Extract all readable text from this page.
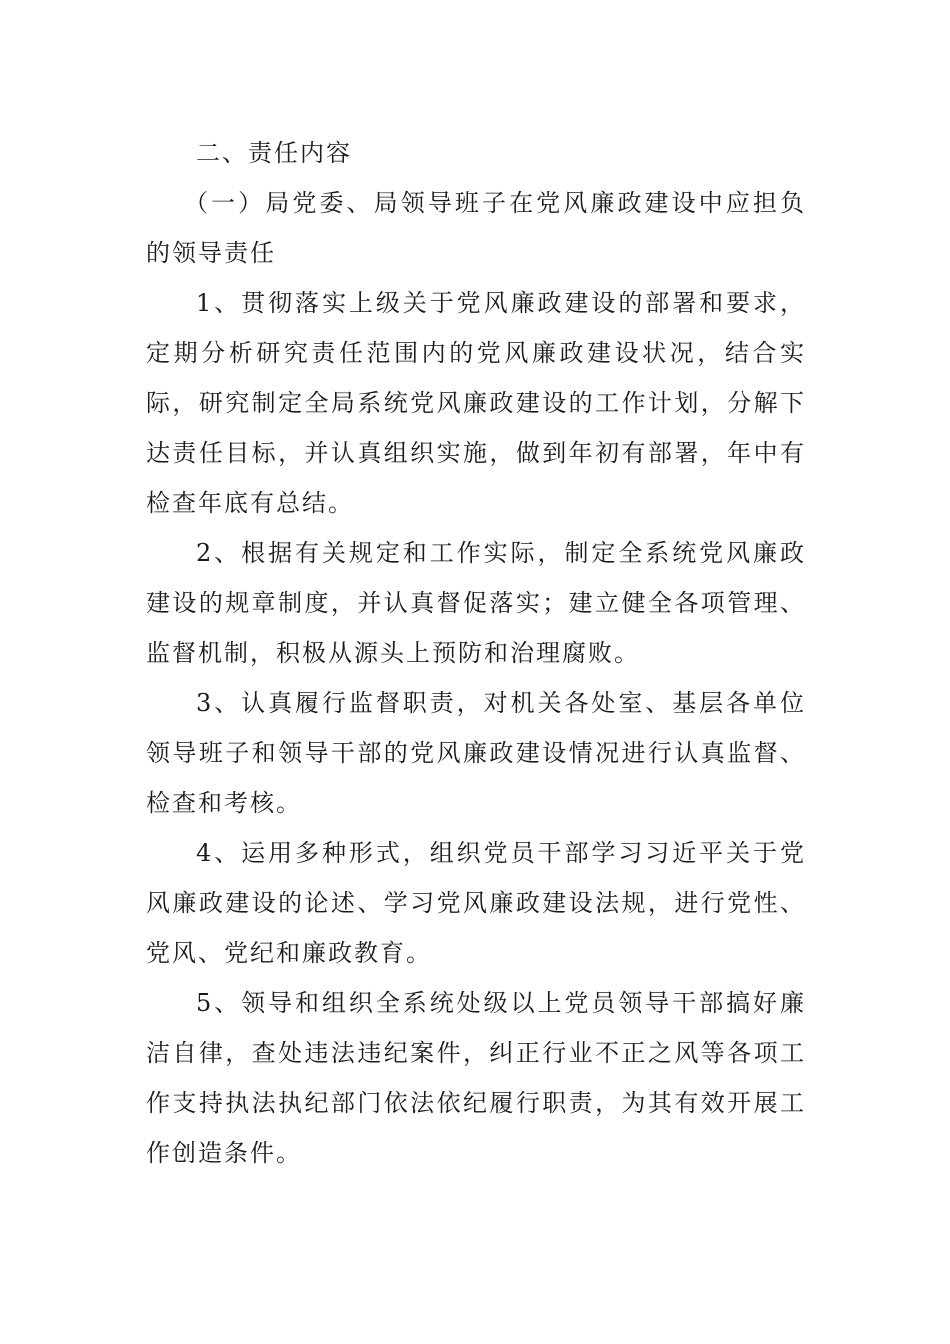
二、责任内容

（一）局党委、局领导班子在党风廉政建设中应担负的领导责任

1、贯彻落实上级关于党风廉政建设的部署和要求，定期分析研究责任范围内的党风廉政建设状况，结合实际，研究制定全局系统党风廉政建设的工作计划，分解下达责任目标，并认真组织实施，做到年初有部署，年中有检查年底有总结。

2、根据有关规定和工作实际，制定全系统党风廉政建设的规章制度，并认真督促落实；建立健全各项管理、监督机制，积极从源头上预防和治理腐败。

3、认真履行监督职责，对机关各处室、基层各单位领导班子和领导干部的党风廉政建设情况进行认真监督、检查和考核。

4、运用多种形式，组织党员干部学习习近平关于党风廉政建设的论述、学习党风廉政建设法规，进行党性、党风、党纪和廉政教育。

5、领导和组织全系统处级以上党员领导干部搞好廉洁自律，查处违法违纪案件，纠正行业不正之风等各项工作支持执法执纪部门依法依纪履行职责，为其有效开展工作创造条件。
